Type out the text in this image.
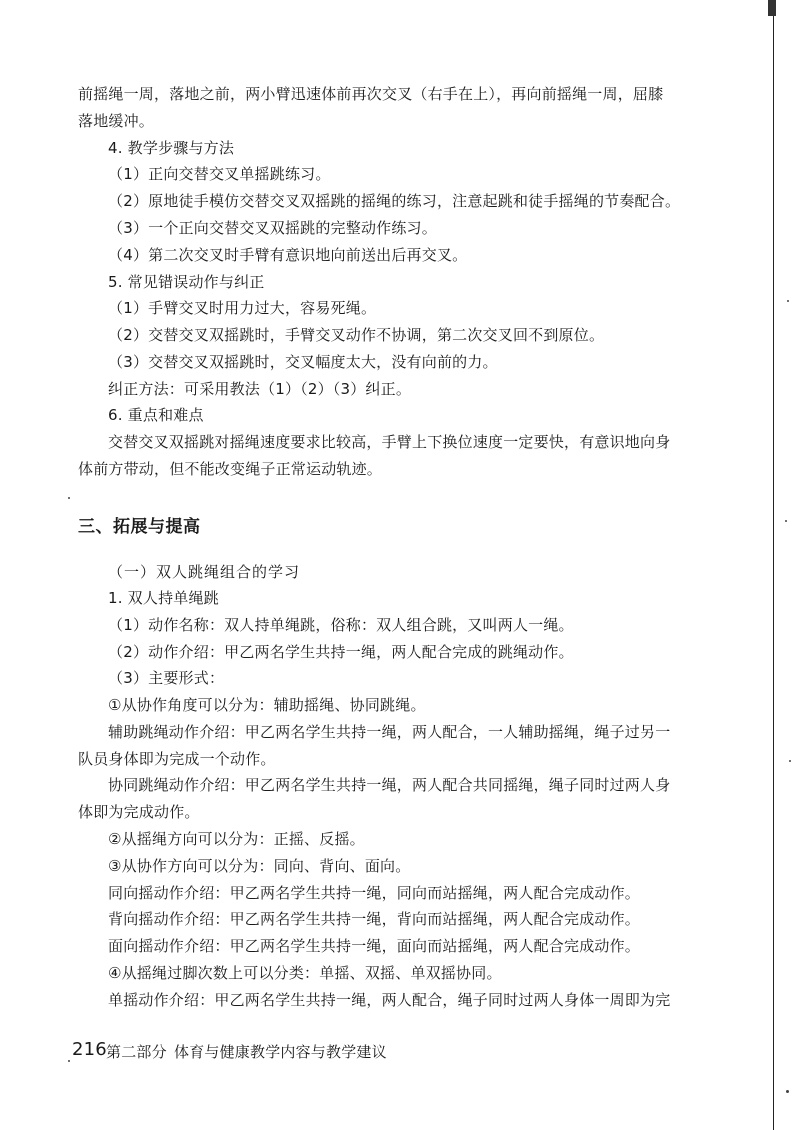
前摇绳一周，落地之前，两小臂迅速体前再次交叉（右手在上），再向前摇绳一周，屈膝
落地缓冲。
4. 教学步骤与方法
（1）正向交替交叉单摇跳练习。
（2）原地徒手模仿交替交叉双摇跳的摇绳的练习，注意起跳和徒手摇绳的节奏配合。
（3）一个正向交替交叉双摇跳的完整动作练习。
（4）第二次交叉时手臂有意识地向前送出后再交叉。
5. 常见错误动作与纠正
（1）手臂交叉时用力过大，容易死绳。
（2）交替交叉双摇跳时，手臂交叉动作不协调，第二次交叉回不到原位。
（3）交替交叉双摇跳时，交叉幅度太大，没有向前的力。
纠正方法：可采用教法（1）（2）（3）纠正。
6. 重点和难点
交替交叉双摇跳对摇绳速度要求比较高，手臂上下换位速度一定要快，有意识地向身
体前方带动，但不能改变绳子正常运动轨迹。
三、拓展与提高
（一）双人跳绳组合的学习
1. 双人持单绳跳
（1）动作名称：双人持单绳跳，俗称：双人组合跳，又叫两人一绳。
（2）动作介绍：甲乙两名学生共持一绳，两人配合完成的跳绳动作。
（3）主要形式：
①从协作角度可以分为：辅助摇绳、协同跳绳。
辅助跳绳动作介绍：甲乙两名学生共持一绳，两人配合，一人辅助摇绳，绳子过另一
队员身体即为完成一个动作。
协同跳绳动作介绍：甲乙两名学生共持一绳，两人配合共同摇绳，绳子同时过两人身
体即为完成动作。
②从摇绳方向可以分为：正摇、反摇。
③从协作方向可以分为：同向、背向、面向。
同向摇动作介绍：甲乙两名学生共持一绳，同向而站摇绳，两人配合完成动作。
背向摇动作介绍：甲乙两名学生共持一绳，背向而站摇绳，两人配合完成动作。
面向摇动作介绍：甲乙两名学生共持一绳，面向而站摇绳，两人配合完成动作。
④从摇绳过脚次数上可以分类：单摇、双摇、单双摇协同。
单摇动作介绍：甲乙两名学生共持一绳，两人配合，绳子同时过两人身体一周即为完
216 第二部分 体育与健康教学内容与教学建议
